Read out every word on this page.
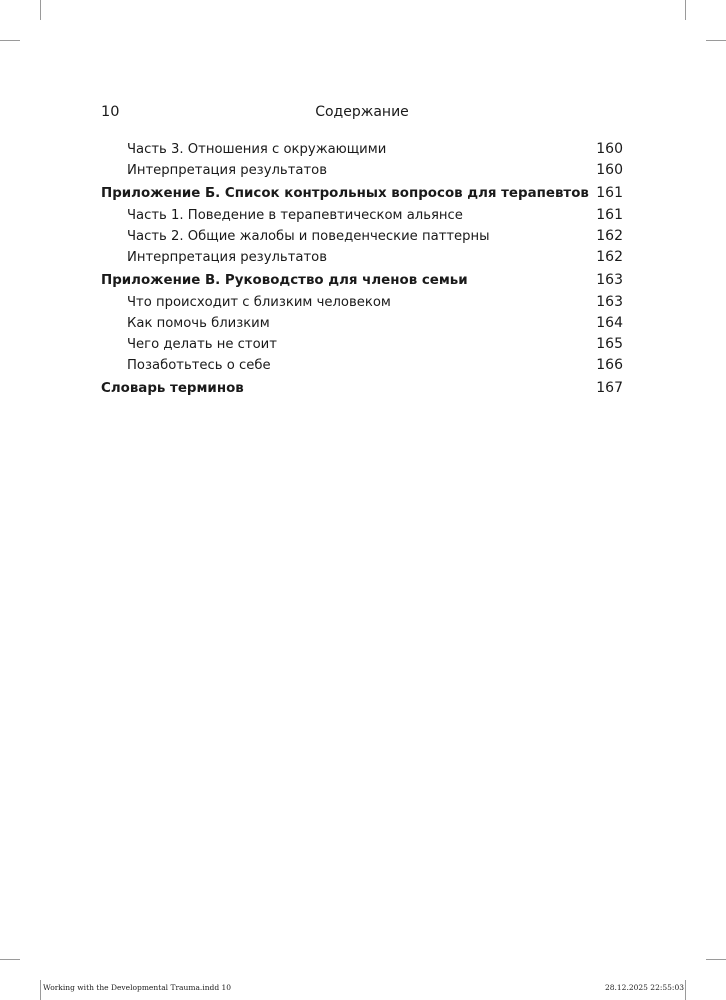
10	Содержание
Часть 3. Отношения с окружающими	160
Интерпретация результатов	160
Приложение Б. Список контрольных вопросов для терапевтов 161
Часть 1. Поведение в терапевтическом альянсе	161
Часть 2. Общие жалобы и поведенческие паттерны	162
Интерпретация результатов	162
Приложение В. Руководство для членов семьи	163
Что происходит с близким человеком	163
Как помочь близким	164
Чего делать не стоит	165
Позаботьтесь о себе	166
Словарь терминов	167
Working with the Developmental Trauma.indd 10	28.12.2025 22:55:03
